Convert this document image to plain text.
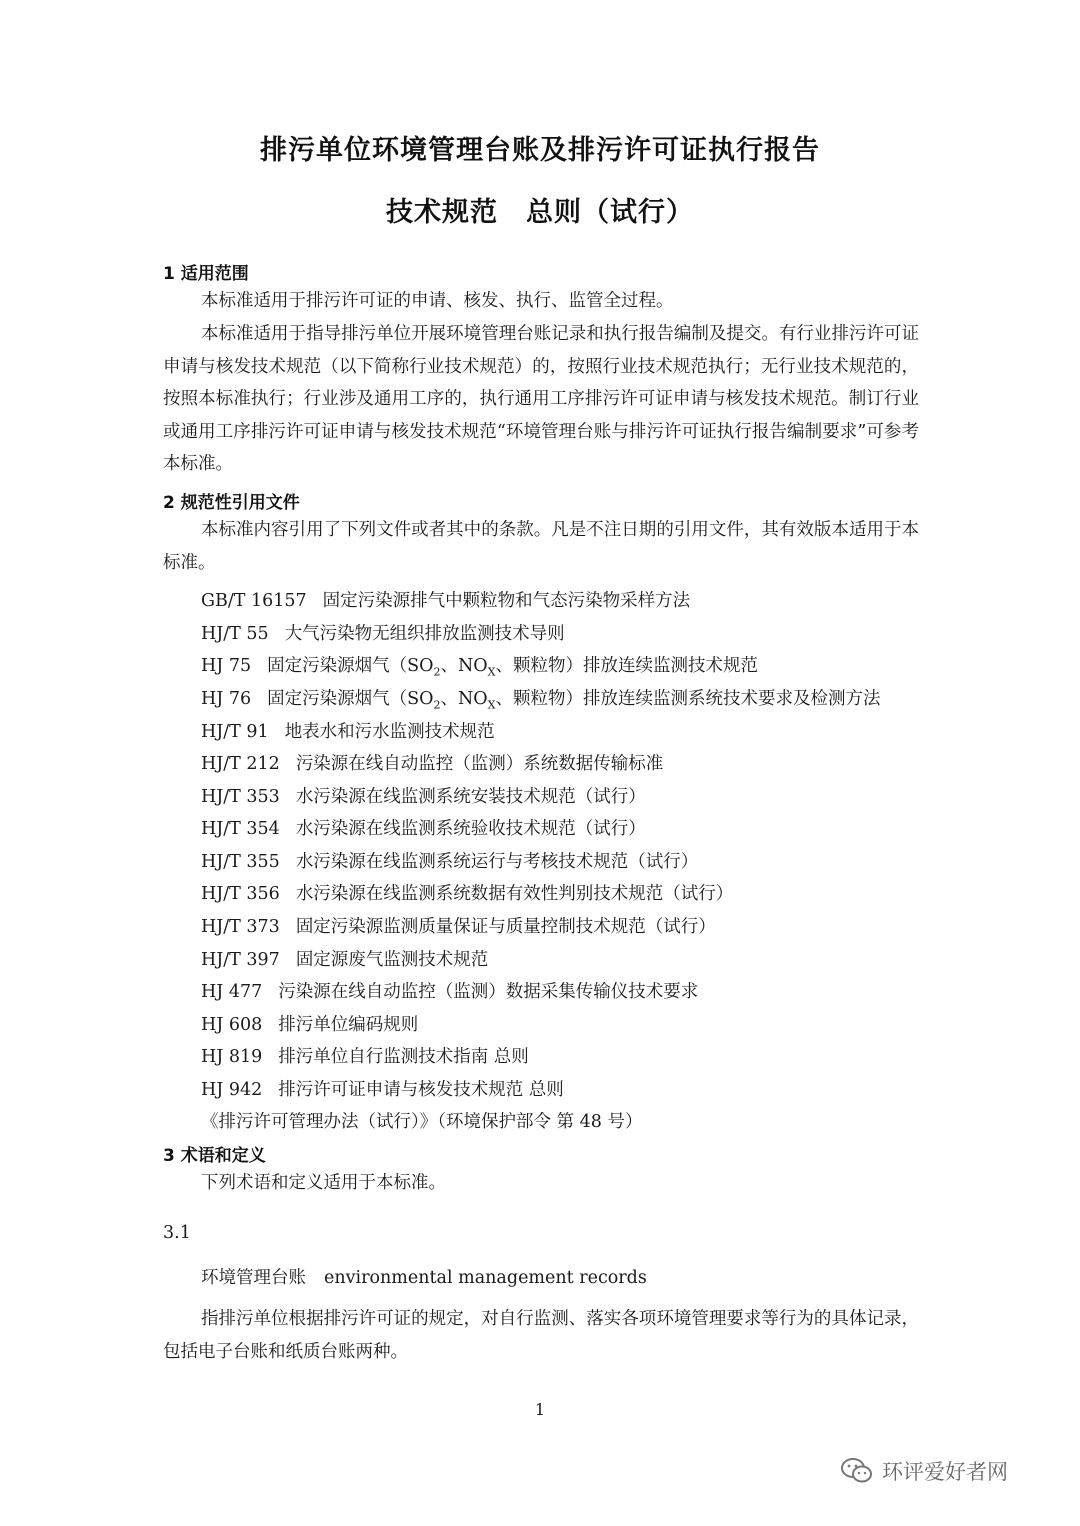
排污单位环境管理台账及排污许可证执行报告
技术规范　总则（试行）
1 适用范围

本标准适用于排污许可证的申请、核发、执行、监管全过程。

本标准适用于指导排污单位开展环境管理台账记录和执行报告编制及提交。有行业排污许可证申请与核发技术规范（以下简称行业技术规范）的，按照行业技术规范执行；无行业技术规范的，按照本标准执行；行业涉及通用工序的，执行通用工序排污许可证申请与核发技术规范。制订行业或通用工序排污许可证申请与核发技术规范“环境管理台账与排污许可证执行报告编制要求”可参考本标准。

2 规范性引用文件

本标准内容引用了下列文件或者其中的条款。凡是不注日期的引用文件，其有效版本适用于本标准。

GB/T 16157 固定污染源排气中颗粒物和气态污染物采样方法
HJ/T 55 大气污染物无组织排放监测技术导则
HJ 75 固定污染源烟气（$SO_2$、$NO_X$、颗粒物）排放连续监测技术规范
HJ 76 固定污染源烟气（$SO_2$、$NO_X$、颗粒物）排放连续监测系统技术要求及检测方法
HJ/T 91 地表水和污水监测技术规范
HJ/T 212 污染源在线自动监控（监测）系统数据传输标准
HJ/T 353 水污染源在线监测系统安装技术规范（试行）
HJ/T 354 水污染源在线监测系统验收技术规范（试行）
HJ/T 355 水污染源在线监测系统运行与考核技术规范（试行）
HJ/T 356 水污染源在线监测系统数据有效性判别技术规范（试行）
HJ/T 373 固定污染源监测质量保证与质量控制技术规范（试行）
HJ/T 397 固定源废气监测技术规范
HJ 477 污染源在线自动监控（监测）数据采集传输仪技术要求
HJ 608 排污单位编码规则
HJ 819 排污单位自行监测技术指南 总则
HJ 942 排污许可证申请与核发技术规范 总则
《排污许可管理办法（试行）》（环境保护部令 第 48 号）
3 术语和定义

下列术语和定义适用于本标准。

3.1
环境管理台账 environmental management records

指排污单位根据排污许可证的规定，对自行监测、落实各项环境管理要求等行为的具体记录，包括电子台账和纸质台账两种。

1
环评爱好者网
